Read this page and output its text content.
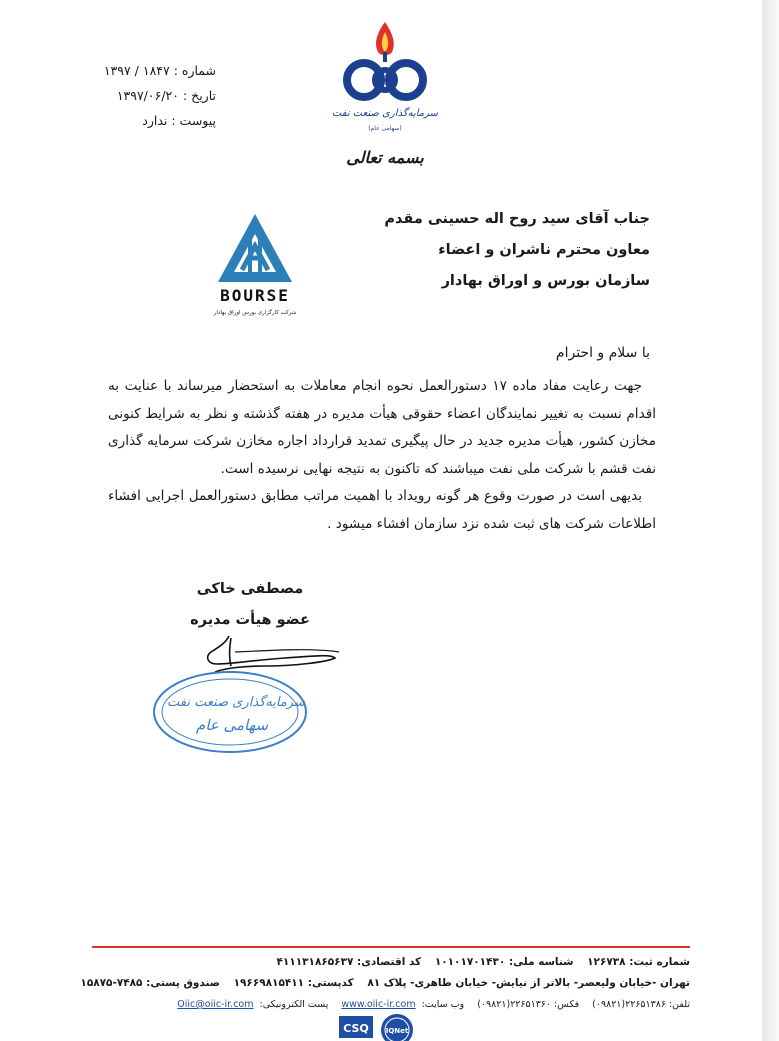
شماره : ۱۸۴۷ / ۱۳۹۷
تاریخ : ۱۳۹۷/۰۶/۲۰
پیوست : ندارد	سرمایه‌گذاری صنعت نفت
(سهامی عام)
بسمه تعالی
جناب آقای سید روح اله حسینی مقدم
معاون محترم ناشران و اعضاء
سازمان بورس و اوراق بهادار
BOURSE
شرکت کارگزاری بورس اوراق بهادار
با سلام و احترام

جهت رعایت مفاد ماده ۱۷ دستورالعمل نحوه انجام معاملات به استحضار میرساند با عنایت به اقدام نسبت به تغییر نمایندگان اعضاء حقوقی هیأت مدیره در هفته گذشته و نظر به شرایط کنونی مخازن کشور، هیأت مدیره جدید در حال پیگیری تمدید قرارداد اجاره مخازن شرکت سرمایه گذاری نفت قشم با شرکت ملی نفت میباشند که تاکنون به نتیجه نهایی نرسیده است.

بدیهی است در صورت وقوع هر گونه رویداد با اهمیت مراتب مطابق دستورالعمل اجرایی افشاء اطلاعات شرکت های ثبت شده نزد سازمان افشاء میشود .

مصطفی خاکی
عضو هیأت مدیره
سرمایه‌گذاری صنعت نفت
سهامی عام
شماره ثبت: ۱۲۶۷۳۸ شناسه ملی: ۱۰۱۰۱۷۰۱۴۳۰ کد اقتصادی: ۴۱۱۱۳۱۸۶۵۶۳۷
تهران -خیابان ولیعصر- بالاتر از نیایش- خیابان طاهری- پلاک ۸۱ کدپستی: ۱۹۶۶۹۸۱۵۴۱۱ صندوق پستی: ۷۴۸۵-۱۵۸۷۵
تلفن: ۲۲۶۵۱۳۸۶(۰۹۸۲۱) فکس: ۲۲۶۵۱۳۶۰(۰۹۸۲۱) وب سایت: www.oiic-ir.com پست الکترونیکی: Oiic@oiic-ir.com
CSQ IQNet
